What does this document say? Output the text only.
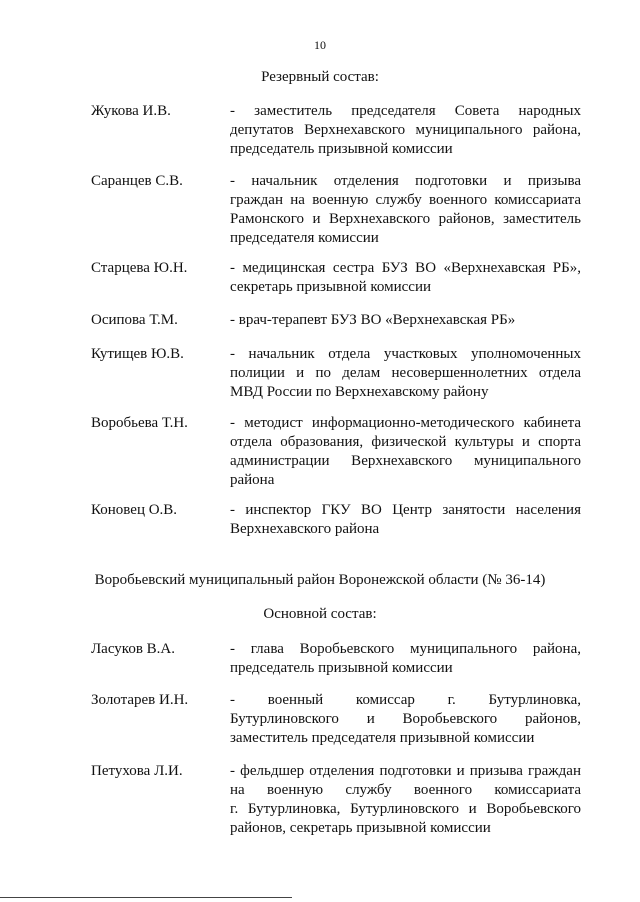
10
Резервный состав:
Жукова И.В.	- заместитель председателя Совета народных
депутатов Верхнехавского муниципального района,
председатель призывной комиссии
Саранцев С.В.	- начальник отделения подготовки и призыва
граждан на военную службу военного комиссариата
Рамонского и Верхнехавского районов, заместитель
председателя комиссии
Старцева Ю.Н.	- медицинская сестра БУЗ ВО «Верхнехавская РБ»,
секретарь призывной комиссии
Осипова Т.М.	- врач-терапевт БУЗ ВО «Верхнехавская РБ»
Кутищев Ю.В.	- начальник отдела участковых уполномоченных
полиции и по делам несовершеннолетних отдела
МВД России по Верхнехавскому району
Воробьева Т.Н.	- методист информационно-методического кабинета
отдела образования, физической культуры и спорта
администрации Верхнехавского муниципального
района
Коновец О.В.	- инспектор ГКУ ВО Центр занятости населения
Верхнехавского района
Воробьевский муниципальный район Воронежской области (№ 36-14)
Основной состав:
Ласуков В.А.	- глава Воробьевского муниципального района,
председатель призывной комиссии
Золотарев И.Н.	- военный комиссар г. Бутурлиновка,
Бутурлиновского и Воробьевского районов,
заместитель председателя призывной комиссии
Петухова Л.И.	- фельдшер отделения подготовки и призыва граждан
на военную службу военного комиссариата
г. Бутурлиновка, Бутурлиновского и Воробьевского
районов, секретарь призывной комиссии
